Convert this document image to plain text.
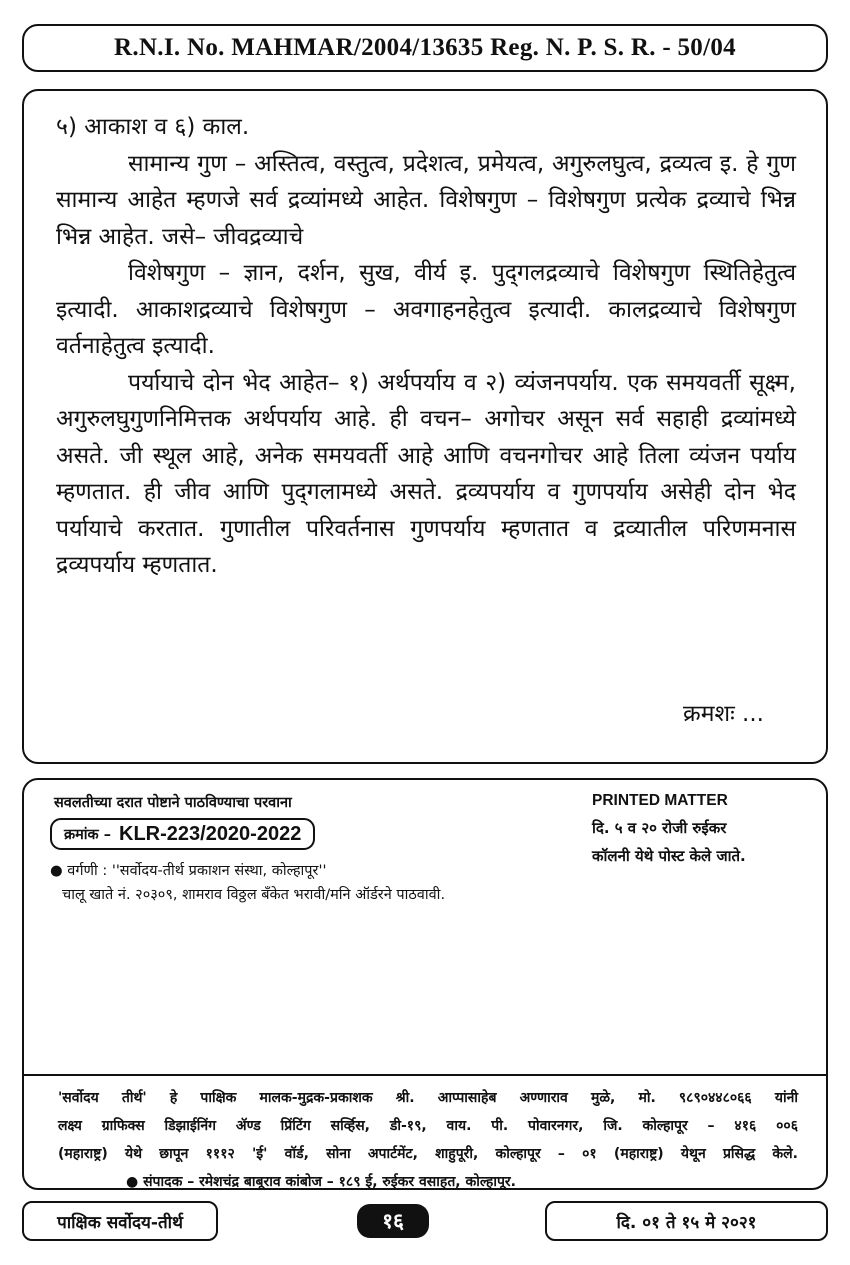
R.N.I. No. MAHMAR/2004/13635 Reg. N. P. S. R. - 50/04

५) आकाश व ६) काल.

सामान्य गुण – अस्तित्व, वस्तुत्व, प्रदेशत्व, प्रमेयत्व, अगुरुलघुत्व, द्रव्यत्व इ. हे गुण सामान्य आहेत म्हणजे सर्व द्रव्यांमध्ये आहेत. विशेषगुण – विशेषगुण प्रत्येक द्रव्याचे भिन्न भिन्न आहेत. जसे– जीवद्रव्याचे

विशेषगुण – ज्ञान, दर्शन, सुख, वीर्य इ. पुद्‌गलद्रव्याचे विशेषगुण स्थितिहेतुत्व इत्यादी. आकाशद्रव्याचे विशेषगुण – अवगाहनहेतुत्व इत्यादी. कालद्रव्याचे विशेषगुण वर्तनाहेतुत्व इत्यादी.

पर्यायाचे दोन भेद आहेत– १) अर्थपर्याय व २) व्यंजनपर्याय. एक समयवर्ती सूक्ष्म, अगुरुलघुगुणनिमित्तक अर्थपर्याय आहे. ही वचन– अगोचर असून सर्व सहाही द्रव्यांमध्ये असते. जी स्थूल आहे, अनेक समयवर्ती आहे आणि वचनगोचर आहे तिला व्यंजन पर्याय म्हणतात. ही जीव आणि पुद्‌गलामध्ये असते. द्रव्यपर्याय व गुणपर्याय असेही दोन भेद पर्यायाचे करतात. गुणातील परिवर्तनास गुणपर्याय म्हणतात व द्रव्यातील परिणमनास द्रव्यपर्याय म्हणतात.

क्रमशः ...
सवलतीच्या दरात पोष्टाने पाठविण्याचा परवाना
क्रमांक – KLR-223/2020-2022
● वर्गणी : ''सर्वोदय-तीर्थ प्रकाशन संस्था, कोल्हापूर''
चालू खाते नं. २०३०९, शामराव विठ्ठल बँकेत भरावी/मनि ऑर्डरने पाठवावी.
PRINTED MATTER
दि. ५ व २० रोजी रुईकर
कॉलनी येथे पोस्ट केले जाते.
'सर्वोदय तीर्थ' हे पाक्षिक मालक-मुद्रक-प्रकाशक श्री. आप्पासाहेब अण्णाराव मुळे, मो. ९८९०४४८०६६ यांनी
लक्ष्य ग्राफिक्स डिझाईनिंग ॲण्ड प्रिंटिंग सर्व्हिस, डी-१९, वाय. पी. पोवारनगर, जि. कोल्हापूर – ४१६ ००६
(महाराष्ट्र) येथे छापून १११२ 'ई' वॉर्ड, सोना अपार्टमेंट, शाहुपूरी, कोल्हापूर – ०१ (महाराष्ट्र) येथून प्रसिद्ध केले.
● संपादक – रमेशचंद्र बाबूराव कांबोज – १८९ ई, रुईकर वसाहत, कोल्हापूर.
पाक्षिक सर्वोदय-तीर्थ	१६	दि. ०१ ते १५ मे २०२१
